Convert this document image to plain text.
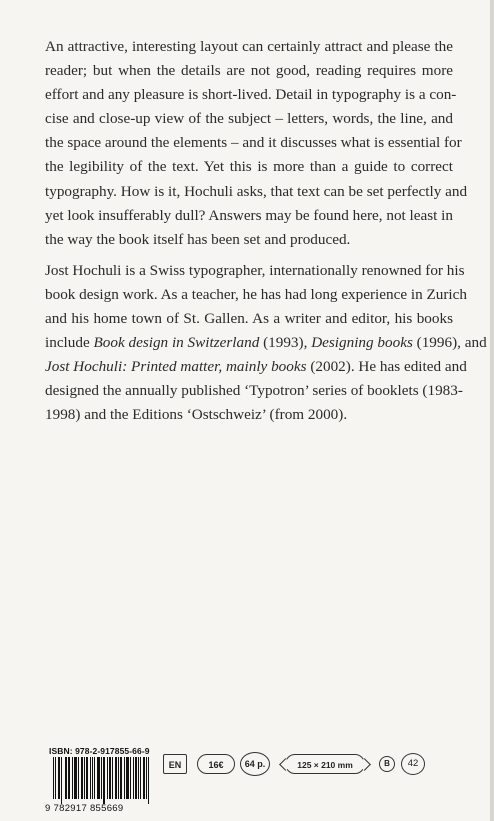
An attractive, interesting layout can certainly attract and please the
reader; but when the details are not good, reading requires more
effort and any pleasure is short-lived. Detail in typography is a con-
cise and close-up view of the subject – letters, words, the line, and
the space around the elements – and it discusses what is essential for
the legibility of the text. Yet this is more than a guide to correct
typography. How is it, Hochuli asks, that text can be set perfectly and
yet look insufferably dull? Answers may be found here, not least in
the way the book itself has been set and produced.

Jost Hochuli is a Swiss typographer, internationally renowned for his
book design work. As a teacher, he has had long experience in Zurich
and his home town of St. Gallen. As a writer and editor, his books
include Book design in Switzerland (1993), Designing books (1996), and
Jost Hochuli: Printed matter, mainly books (2002). He has edited and
designed the annually published ‘Typotron’ series of booklets (1983-
1998) and the Editions ‘Ostschweiz’ (from 2000).

ISBN: 978-2-917855-66-9
9 782917 855669
EN	16€	64 p.	125 × 210 mm	B	42
